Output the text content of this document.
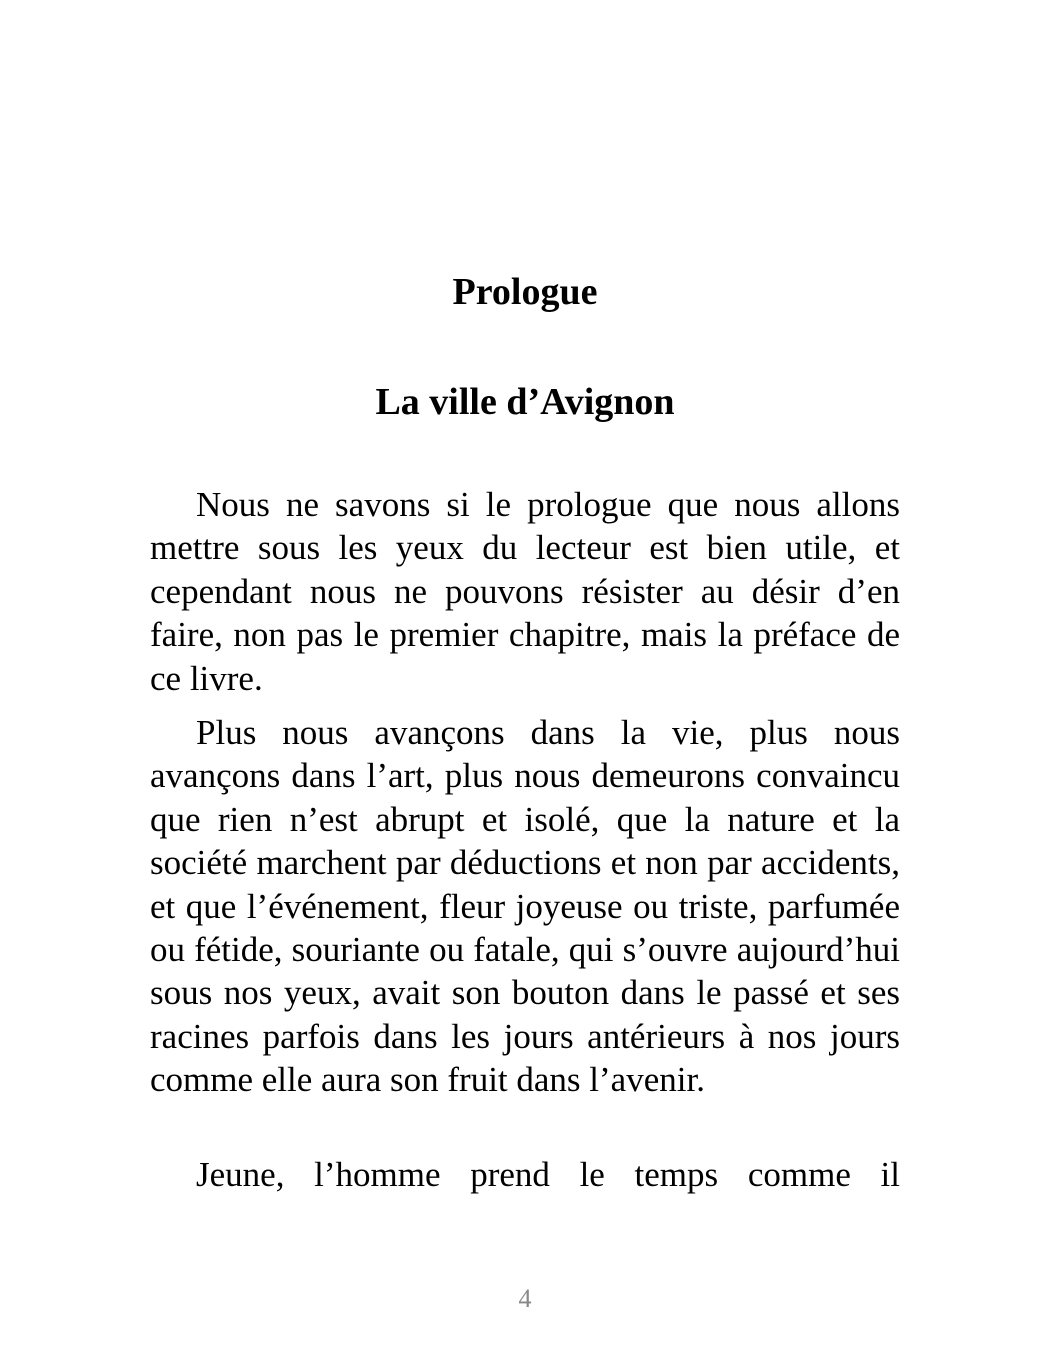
Prologue
La ville d’Avignon

Nous ne savons si le prologue que nous allons mettre sous les yeux du lecteur est bien utile, et cependant nous ne pouvons résister au désir d’en faire, non pas le premier chapitre, mais la préface de ce livre.

Plus nous avançons dans la vie, plus nous avançons dans l’art, plus nous demeurons convaincu que rien n’est abrupt et isolé, que la nature et la société marchent par déductions et non par accidents, et que l’événement, fleur joyeuse ou triste, parfumée ou fétide, souriante ou fatale, qui s’ouvre aujourd’hui sous nos yeux, avait son bouton dans le passé et ses racines parfois dans les jours antérieurs à nos jours comme elle aura son fruit dans l’avenir.

Jeune, l’homme prend le temps comme il

4
